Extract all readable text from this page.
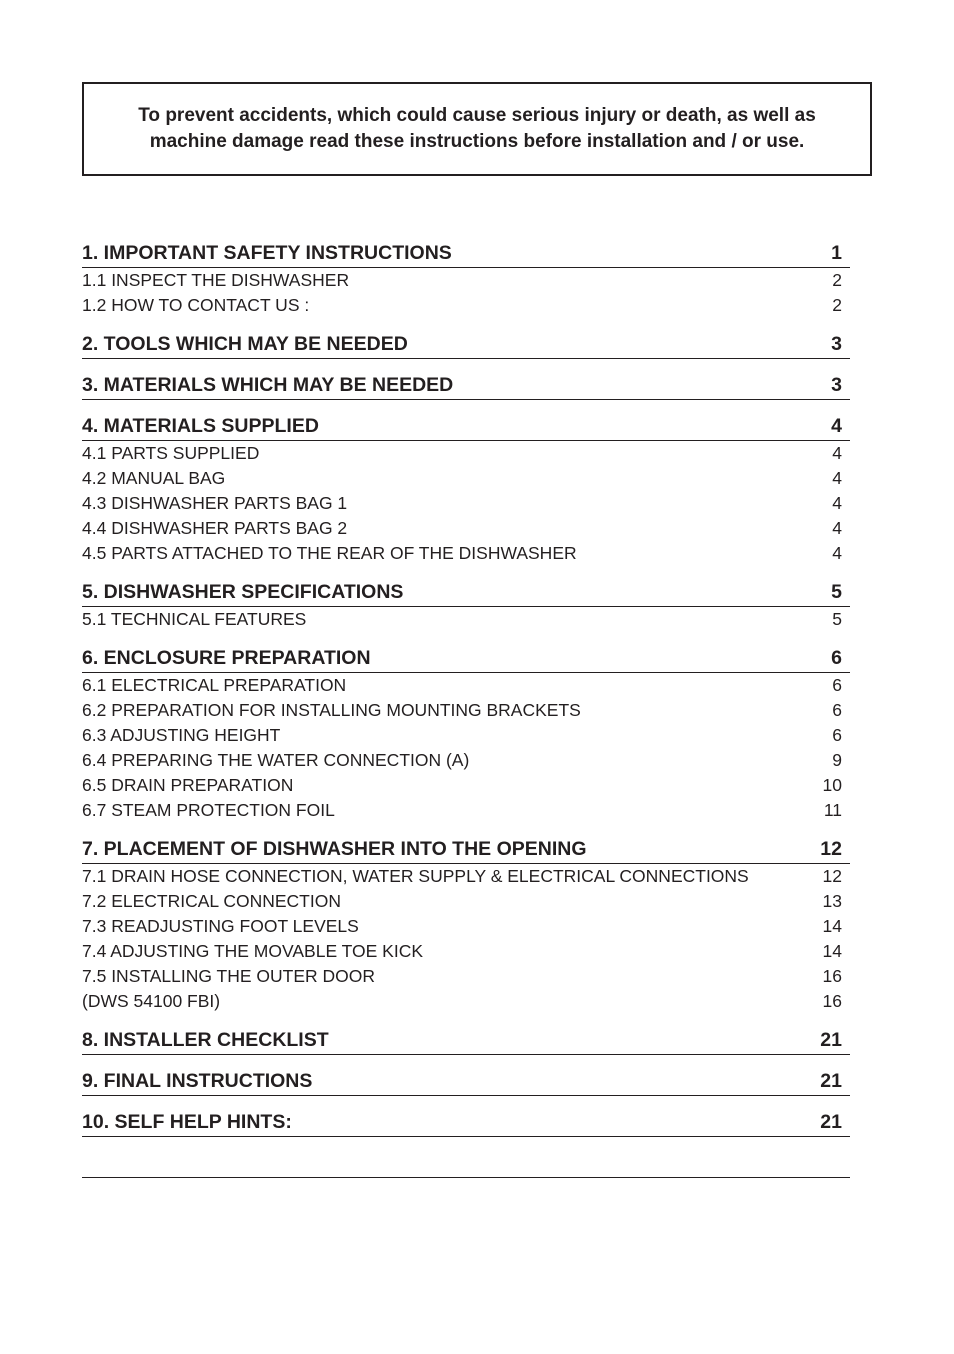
To prevent accidents, which could cause serious injury or death, as well as
machine damage read these instructions before installation and / or use.

1. IMPORTANT SAFETY INSTRUCTIONS	1
1.1 INSPECT THE DISHWASHER	2
1.2 HOW TO CONTACT US :	2
2. TOOLS WHICH MAY BE NEEDED	3
3. MATERIALS WHICH MAY BE NEEDED	3
4. MATERIALS SUPPLIED	4
4.1 PARTS SUPPLIED	4
4.2 MANUAL BAG	4
4.3 DISHWASHER PARTS BAG 1	4
4.4 DISHWASHER PARTS BAG 2	4
4.5 PARTS ATTACHED TO THE REAR OF THE DISHWASHER	4
5. DISHWASHER SPECIFICATIONS	5
5.1 TECHNICAL FEATURES	5
6. ENCLOSURE PREPARATION	6
6.1 ELECTRICAL PREPARATION	6
6.2 PREPARATION FOR INSTALLING MOUNTING BRACKETS	6
6.3 ADJUSTING HEIGHT	6
6.4 PREPARING THE WATER CONNECTION (A)	9
6.5 DRAIN PREPARATION	10
6.7 STEAM PROTECTION FOIL	11
7. PLACEMENT OF DISHWASHER INTO THE OPENING	12
7.1 DRAIN HOSE CONNECTION, WATER SUPPLY & ELECTRICAL CONNECTIONS	12
7.2 ELECTRICAL CONNECTION	13
7.3 READJUSTING FOOT LEVELS	14
7.4 ADJUSTING THE MOVABLE TOE KICK	14
7.5 INSTALLING THE OUTER DOOR	16
(DWS 54100 FBI)	16
8. INSTALLER CHECKLIST	21
9. FINAL INSTRUCTIONS	21
10. SELF HELP HINTS:	21
